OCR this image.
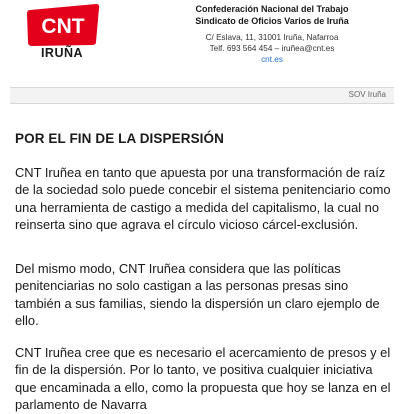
CNT
IRUÑA
Confederación Nacional del Trabajo
Sindicato de Oficios Varios de Iruña
C/ Eslava, 11, 31001 Iruña, Nafarroa
Telf. 693 564 454 – iruñea@cnt.es
cnt.es
SOV Iruña
POR EL FIN DE LA DISPERSIÓN

CNT Iruñea en tanto que apuesta por una transformación de raíz de la sociedad solo puede concebir el sistema penitenciario como una herramienta de castigo a medida del capitalismo, la cual no reinserta sino que agrava el círculo vicioso cárcel-exclusión.

Del mismo modo, CNT Iruñea considera que las políticas penitenciarias no solo castigan a las personas presas sino también a sus familias, siendo la dispersión un claro ejemplo de ello.

CNT Iruñea cree que es necesario el acercamiento de presos y el fin de la dispersión. Por lo tanto, ve positiva cualquier iniciativa que encaminada a ello, como la propuesta que hoy se lanza en el parlamento de Navarra
